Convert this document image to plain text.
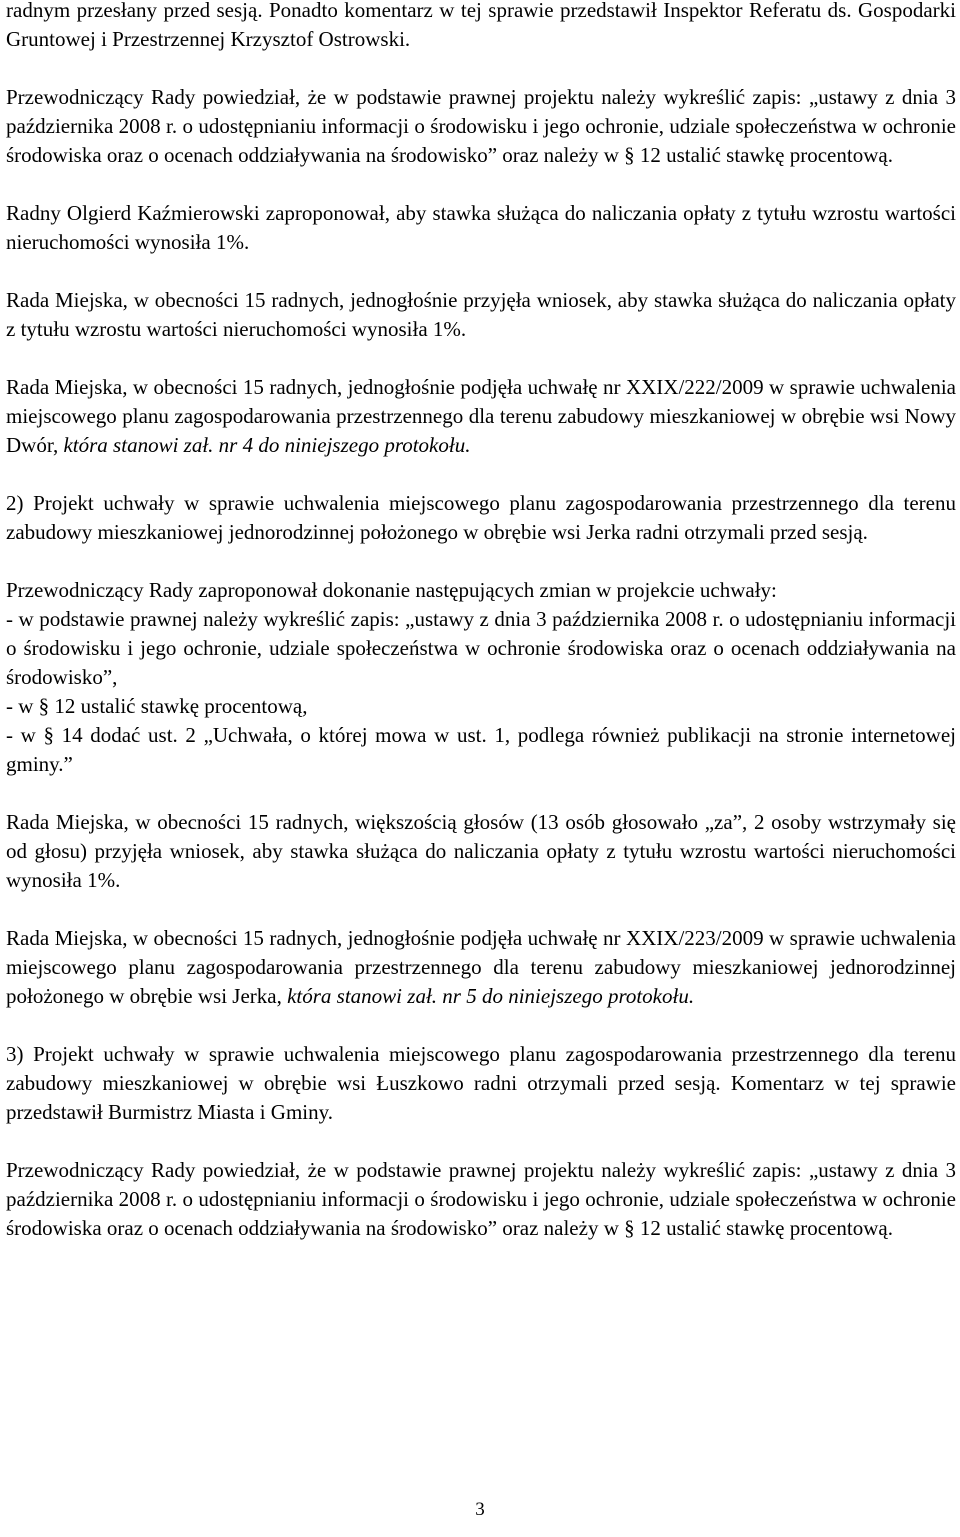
radnym przesłany przed sesją. Ponadto komentarz w tej sprawie przedstawił Inspektor Referatu ds. Gospodarki Gruntowej i Przestrzennej Krzysztof Ostrowski.

Przewodniczący Rady powiedział, że w podstawie prawnej projektu należy wykreślić zapis: „ustawy z dnia 3 października 2008 r. o udostępnianiu informacji o środowisku i jego ochronie, udziale społeczeństwa w ochronie środowiska oraz o ocenach oddziaływania na środowisko” oraz należy w § 12 ustalić stawkę procentową.

Radny Olgierd Kaźmierowski zaproponował, aby stawka służąca do naliczania opłaty z tytułu wzrostu wartości nieruchomości wynosiła 1%.

Rada Miejska, w obecności 15 radnych, jednogłośnie przyjęła wniosek, aby stawka służąca do naliczania opłaty z tytułu wzrostu wartości nieruchomości wynosiła 1%.

Rada Miejska, w obecności 15 radnych, jednogłośnie podjęła uchwałę nr XXIX/222/2009 w sprawie uchwalenia miejscowego planu zagospodarowania przestrzennego dla terenu zabudowy mieszkaniowej w obrębie wsi Nowy Dwór, która stanowi zał. nr 4 do niniejszego protokołu.

2) Projekt uchwały w sprawie uchwalenia miejscowego planu zagospodarowania przestrzennego dla terenu zabudowy mieszkaniowej jednorodzinnej położonego w obrębie wsi Jerka radni otrzymali przed sesją.

Przewodniczący Rady zaproponował dokonanie następujących zmian w projekcie uchwały:
- w podstawie prawnej należy wykreślić zapis: „ustawy z dnia 3 października 2008 r. o udostępnianiu informacji o środowisku i jego ochronie, udziale społeczeństwa w ochronie środowiska oraz o ocenach oddziaływania na środowisko”,
- w § 12 ustalić stawkę procentową,
- w § 14 dodać ust. 2 „Uchwała, o której mowa w ust. 1, podlega również publikacji na stronie internetowej gminy.”

Rada Miejska, w obecności 15 radnych, większością głosów (13 osób głosowało „za”, 2 osoby wstrzymały się od głosu) przyjęła wniosek, aby stawka służąca do naliczania opłaty z tytułu wzrostu wartości nieruchomości wynosiła 1%.

Rada Miejska, w obecności 15 radnych, jednogłośnie podjęła uchwałę nr XXIX/223/2009 w sprawie uchwalenia miejscowego planu zagospodarowania przestrzennego dla terenu zabudowy mieszkaniowej jednorodzinnej położonego w obrębie wsi Jerka, która stanowi zał. nr 5 do niniejszego protokołu.

3) Projekt uchwały w sprawie uchwalenia miejscowego planu zagospodarowania przestrzennego dla terenu zabudowy mieszkaniowej w obrębie wsi Łuszkowo radni otrzymali przed sesją. Komentarz w tej sprawie przedstawił Burmistrz Miasta i Gminy.

Przewodniczący Rady powiedział, że w podstawie prawnej projektu należy wykreślić zapis: „ustawy z dnia 3 października 2008 r. o udostępnianiu informacji o środowisku i jego ochronie, udziale społeczeństwa w ochronie środowiska oraz o ocenach oddziaływania na środowisko” oraz należy w § 12 ustalić stawkę procentową.

3
